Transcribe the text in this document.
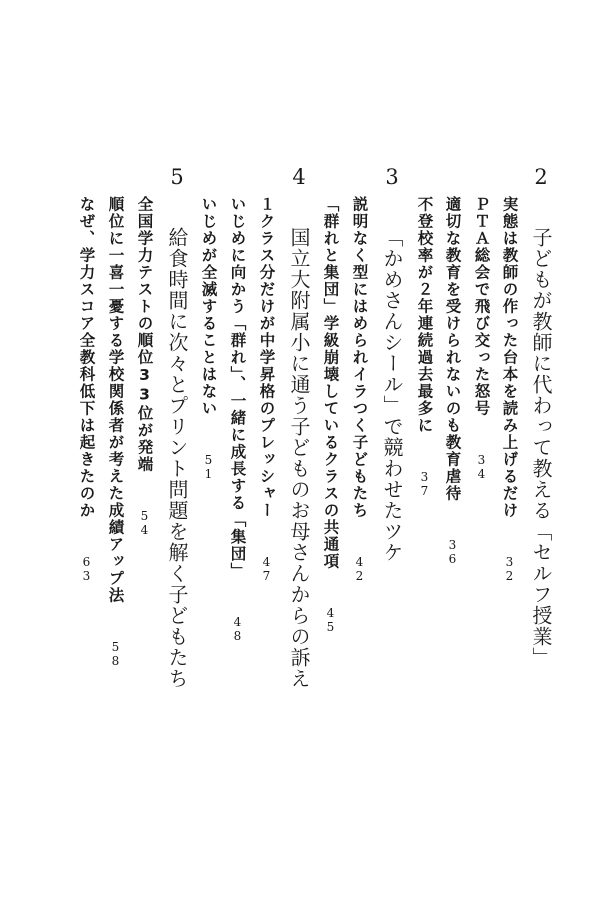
2 子どもが教師に代わって教える「セルフ授業」
実態は教師の作った台本を読み上げるだけ 32
ＰＴＡ総会で飛び交った怒号 34
適切な教育を受けられないのも教育虐待 36
不登校率が２年連続過去最多に 37
3 「かめさんシール」で競わせたツケ
説明なく型にはめられイラつく子どもたち 42
「群れと集団」学級崩壊しているクラスの共通項 45
4 国立大附属小に通う子どものお母さんからの訴え
１クラス分だけが中学昇格のプレッシャー 47
いじめに向かう「群れ」、一緒に成長する「集団」 48
いじめが全滅することはない 51
5 給食時間に次々とプリント問題を解く子どもたち
全国学力テストの順位33位が発端 54
順位に一喜一憂する学校関係者が考えた成績アップ法 58
なぜ、学力スコア全教科低下は起きたのか 63
